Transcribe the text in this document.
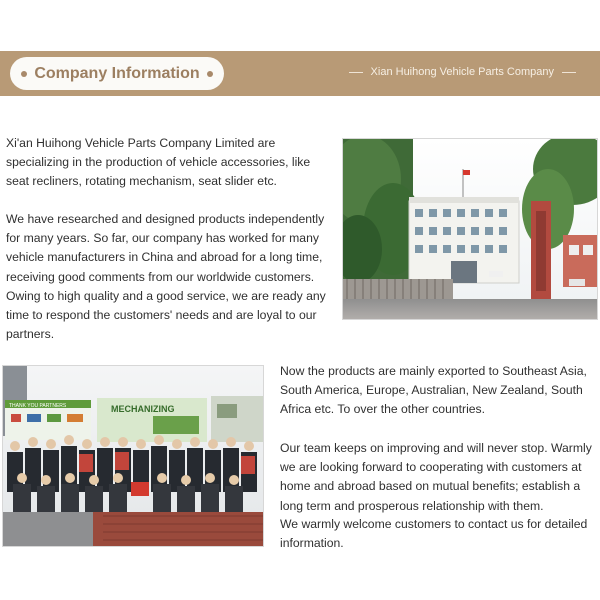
Company Information	Xian Huihong Vehicle Parts Company

Xi'an Huihong Vehicle Parts Company Limited are specializing in the production of vehicle accessories, like seat recliners, rotating mechanism, seat slider etc.

We have researched and designed products independently for many years. So far, our company has worked for many vehicle manufacturers in China and abroad for a long time, receiving good comments from our worldwide customers. Owing to high quality and a good service, we are ready any time to respond the customers' needs and are loyal to our partners.

THANK YOU PARTNERS	MECHANIZING

Now the products are mainly exported to Southeast Asia, South America, Europe, Australian, New Zealand, South Africa etc. To over the other countries.

Our team keeps on improving and will never stop. Warmly we are looking forward to cooperating with customers at home and abroad based on mutual benefits; establish a long term and prosperous relationship with them.

We warmly welcome customers to contact us for detailed information.
